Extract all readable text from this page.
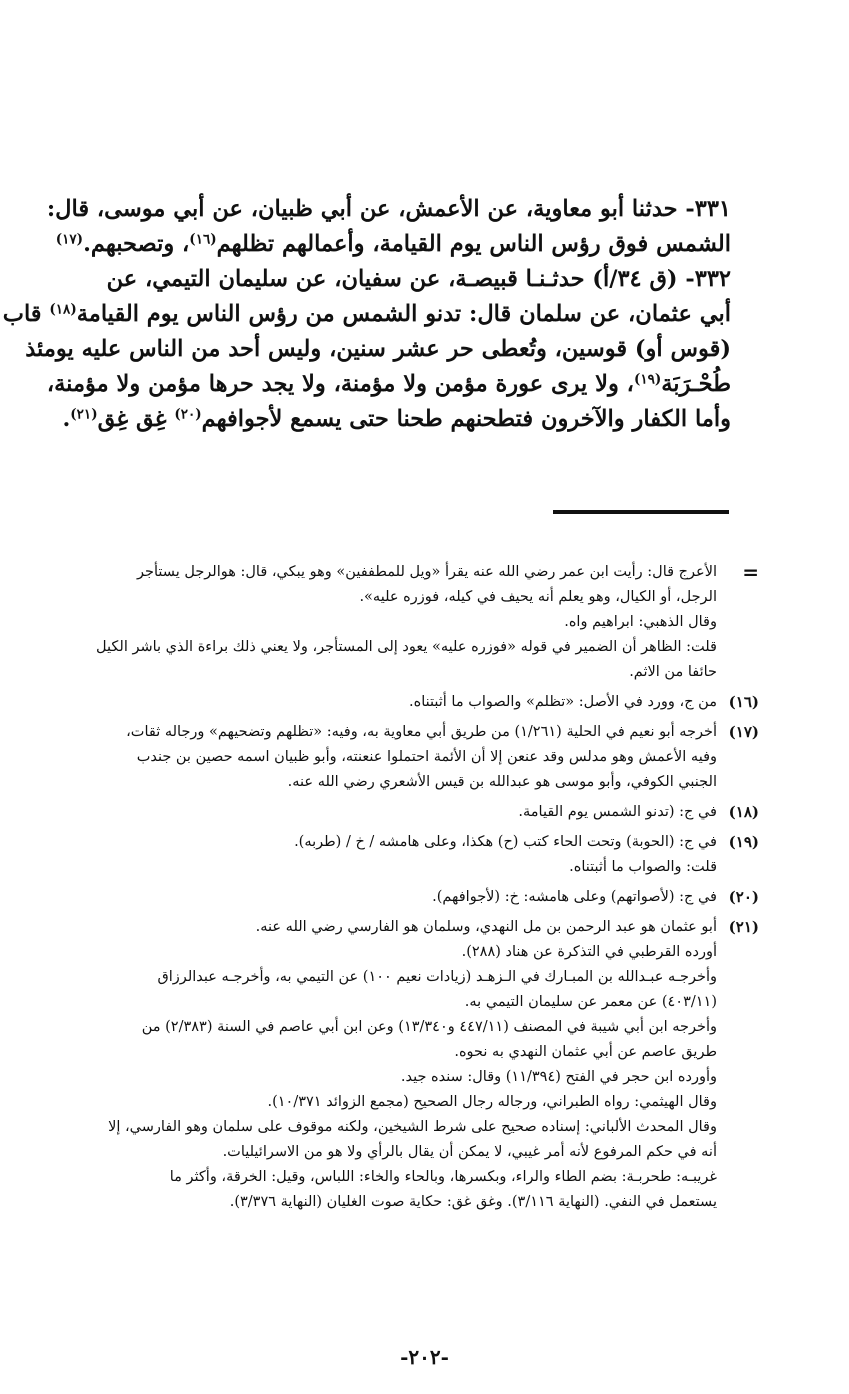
٣٣١- حدثنا أبو معاوية، عن الأعمش، عن أبي ظبيان، عن أبي موسى، قال:

الشمس فوق رؤس الناس يوم القيامة، وأعمالهم تظلهم$^{(١٦)}$، وتصحبهم.$^{(١٧)}$

٣٣٢- (ق ٣٤/أ) حدثـنـا قبيصـة، عن سفيان، عن سليمان التيمي، عن

أبي عثمان، عن سلمان قال: تدنو الشمس من رؤس الناس يوم القيامة$^{(١٨)}$ قاب

(قوس أو) قوسين، وتُعطى حر عشر سنين، وليس أحد من الناس عليه يومئذ

طُحْـرَبَة$^{(١٩)}$، ولا يرى عورة مؤمن ولا مؤمنة، ولا يجد حرها مؤمن ولا مؤمنة،

وأما الكفار والآخرون فتطحنهم طحنا حتى يسمع لأجوافهم$^{(٢٠)}$ غِق غِق$^{(٢١)}$.

=
الأعرج قال: رأيت ابن عمر رضي الله عنه يقرأ «ويل للمطففين» وهو يبكي، قال: هوالرجل يستأجر
الرجل، أو الكيال، وهو يعلم أنه يحيف في كيله، فوزره عليه».
وقال الذهبي: ابراهيم واه.
قلت: الظاهر أن الضمير في قوله «فوزره عليه» يعود إلى المستأجر، ولا يعني ذلك براءة الذي باشر الكيل
حائفا من الاثم.
(١٦)
من ج، وورد في الأصل: «تظلم» والصواب ما أثبتناه.
(١٧)
أخرجه أبو نعيم في الحلية (١/٢٦١) من طريق أبي معاوية به، وفيه: «تظلهم وتضحيهم» ورجاله ثقات،
وفيه الأعمش وهو مدلس وقد عنعن إلا أن الأئمة احتملوا عنعنته، وأبو ظبيان اسمه حصين بن جندب
الجنبي الكوفي، وأبو موسى هو عبدالله بن قيس الأشعري رضي الله عنه.
(١٨)
في ج: (تدنو الشمس يوم القيامة.
(١٩)
في ج: (الحوبة) وتحت الحاء كتب (ح) هكذا، وعلى هامشه / خ / (طربه).
قلت: والصواب ما أثبتناه.
(٢٠)
في ج: (لأصواتهم) وعلى هامشه: خ: (لأجوافهم).
(٢١)
أبو عثمان هو عبد الرحمن بن مل النهدي، وسلمان هو الفارسي رضي الله عنه.
أورده القرطبي في التذكرة عن هناد (٢٨٨).
وأخرجـه عبـدالله بن المبـارك في الـزهـد (زيادات نعيم ١٠٠) عن التيمي به، وأخرجـه عبدالرزاق
(٤٠٣/١١) عن معمر عن سليمان التيمي به.
وأخرجه ابن أبي شيبة في المصنف (٤٤٧/١١ و١٣/٣٤٠) وعن ابن أبي عاصم في السنة (٢/٣٨٣) من
طريق عاصم عن أبي عثمان النهدي به نحوه.
وأورده ابن حجر في الفتح (١١/٣٩٤) وقال: سنده جيد.
وقال الهيثمي: رواه الطبراني، ورجاله رجال الصحيح (مجمع الزوائد ١٠/٣٧١).
وقال المحدث الألباني: إسناده صحيح على شرط الشيخين، ولكنه موقوف على سلمان وهو الفارسي، إلا
أنه في حكم المرفوع لأنه أمر غيبي، لا يمكن أن يقال بالرأي ولا هو من الاسرائيليات.
غريبـه: طحربـة: بضم الطاء والراء، وبكسرها، وبالحاء والخاء: اللباس، وقيل: الخرقة، وأكثر ما
يستعمل في النفي. (النهاية ٣/١١٦). وغق غق: حكاية صوت الغليان (النهاية ٣/٣٧٦).
-٢٠٢-
